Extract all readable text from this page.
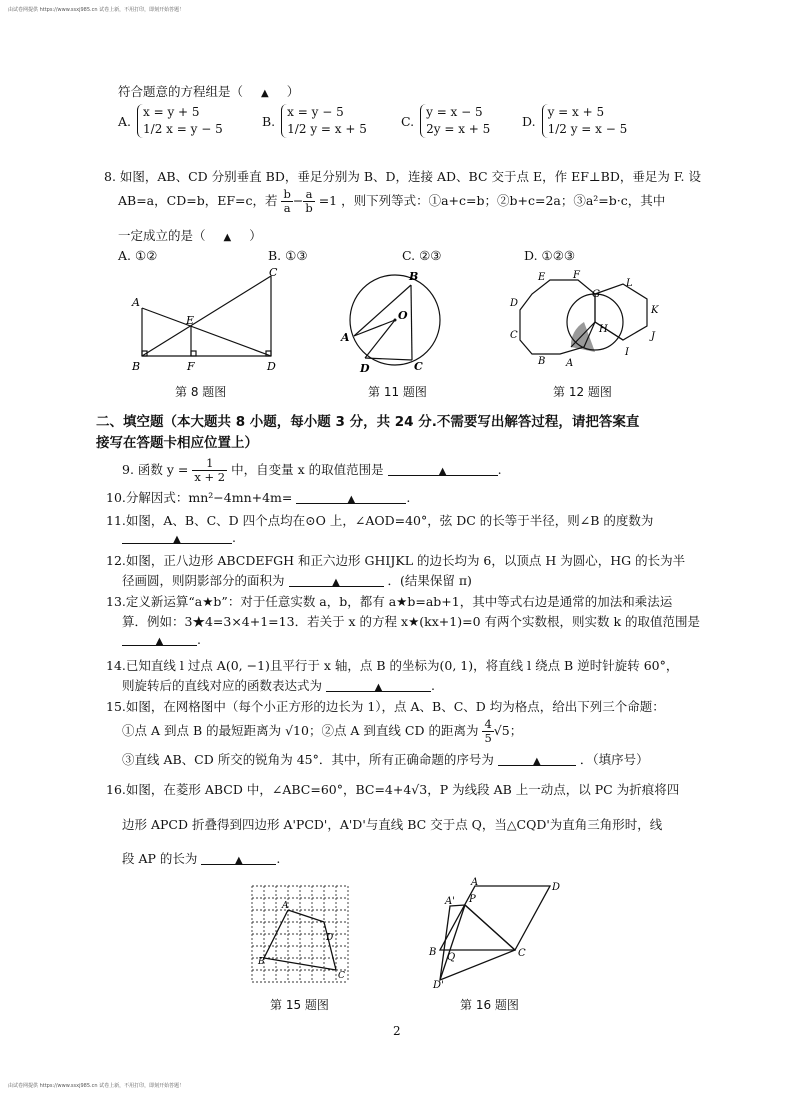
由试卷网提供 https://www.ssxj985.cn 试卷上新，不用打印，即刻开始答题！
由试卷网提供 https://www.ssxj985.cn 试卷上新，不用打印，即刻开始答题！
符合题意的方程组是（ ▲ ）
A.x = y + 5
1/2 x = y − 5
B.x = y − 5
1/2 y = x + 5
C.y = x − 5
2y = x + 5
D.y = x + 5
1/2 y = x − 5
8. 如图，AB、CD 分别垂直 BD，垂足分别为 B、D，连接 AD、BC 交于点 E，作 EF⊥BD，垂足为 F. 设
AB=a，CD=b，EF=c，若 $\frac{b}{a} - \frac{a}{b} =1$ ，则下列等式：①a+c=b；②b+c=2a；③a²=b·c，其中
一定成立的是（ ▲ ）
A. ①②	B. ①③	C. ②③	D. ①②③
A
B
C
D
E
F
第 8 题图
O
B
A
D	C
第 11 题图
E	F
G
H
L
K
J
I
D
C
B A
第 12 题图
二、填空题（本大题共 8 小题，每小题 3 分，共 24 分.不需要写出解答过程，请把答案直
接写在答题卡相应位置上）
9. 函数 $y = \frac{1}{x + 2}$ 中，自变量 x 的取值范围是	▲	.
10.分解因式：mn²−4mn+4m=	▲	.
11.如图，A、B、C、D 四个点均在⊙O 上，∠AOD=40°，弦 DC 的长等于半径，则∠B 的度数为
▲	.
12.如图，正八边形 ABCDEFGH 和正六边形 GHIJKL 的边长均为 6，以顶点 H 为圆心，HG 的长为半
径画圆，则阴影部分的面积为	▲	．(结果保留 π)
13.定义新运算“a★b”：对于任意实数 a，b，都有 a★b=ab+1，其中等式右边是通常的加法和乘法运
算．例如：3★4=3×4+1=13．若关于 x 的方程 x★(kx+1)=0 有两个实数根，则实数 k 的取值范围是
▲	.
14.已知直线 l 过点 A(0, −1)且平行于 x 轴，点 B 的坐标为(0, 1)，将直线 l 绕点 B 逆时针旋转 60°，
则旋转后的直线对应的函数表达式为	▲	.
15.如图，在网格图中（每个小正方形的边长为 1），点 A、B、C、D 均为格点，给出下列三个命题：
①点 A 到点 B 的最短距离为 √10；②点 A 到直线 CD 的距离为 $\frac{4}{5} √5$；
③直线 AB、CD 所交的锐角为 45°．其中，所有正确命题的序号为	▲	．（填序号）
16.如图，在菱形 ABCD 中，∠ABC=60°，BC=4+4√3，P 为线段 AB 上一动点，以 PC 为折痕将四
边形 APCD 折叠得到四边形 A'PCD'，A'D'与直线 BC 交于点 Q，当△CQD'为直角三角形时，线
段 AP 的长为	▲	.
A
B
D
C
第 15 题图
A	D
B	C
P
A'
Q
D'
第 16 题图
2
